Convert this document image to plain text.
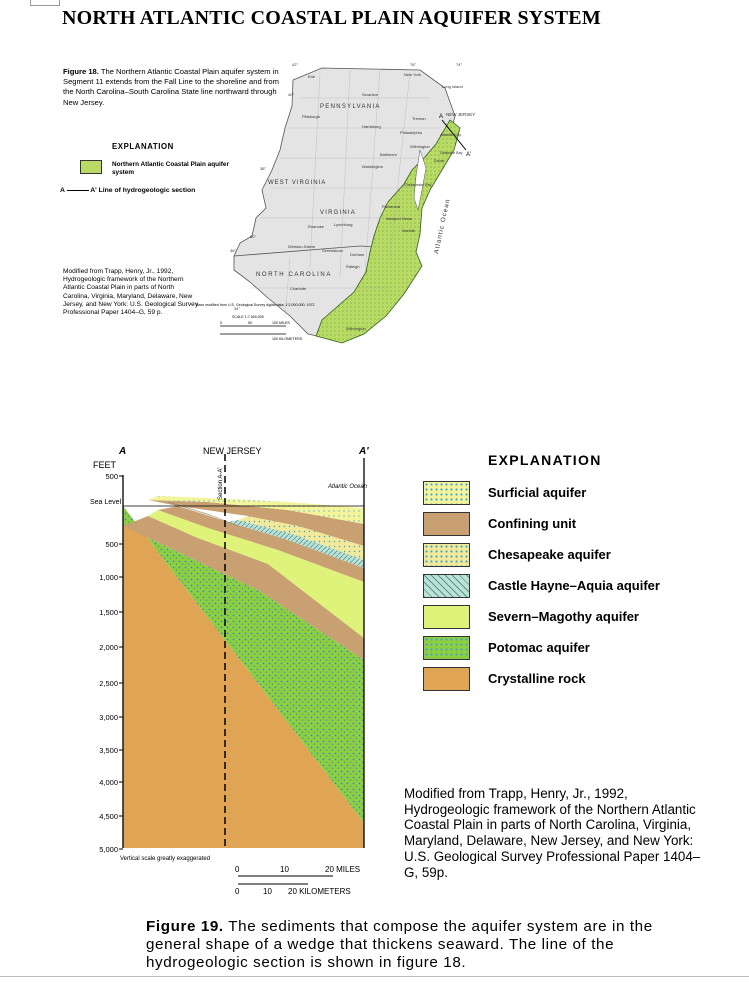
NORTH ATLANTIC COASTAL PLAIN AQUIFER SYSTEM
Figure 18. The Northern Atlantic Coastal Plain aquifer system in Segment 11 extends from the Fall Line to the shoreline and from the North Carolina–South Carolina State line northward through New Jersey.
EXPLANATION
Northern Atlantic Coastal Plain aquifer system
A	A' Line of hydrogeologic section
Modified from Trapp, Henry, Jr., 1992, Hydrogeologic framework of the Northern Atlantic Coastal Plain in parts of North Carolina, Virginia, Maryland, Delaware, New Jersey, and New York: U.S. Geological Survey Professional Paper 1404–G, 59 p.
A
A'
PENNSYLVANIA
WEST VIRGINIA
VIRGINIA
NORTH CAROLINA
NEW JERSEY
Erie	New York
Scranton
Pittsburgh
Harrisburg
Philadelphia
Trenton
Wilmington
Baltimore
Washington
Dover
Richmond
Norfolk
Roanoke Lynchburg
Greensboro
Winston-Salem
Durham
Raleigh
Charlotte
Newport News
Wilmington
Atlantic City
Long Island
Chesapeake Bay
Delaware Bay
42°
40°
38°
36°
34°
80°
76°	74°
Atlantic Ocean
Base modified from U.S. Geological Survey digital data, 1:2,000,000, 1972
SCALE 1:7,500,000
0	50	100 MILES
100 KILOMETERS
A	A'
NEW JERSEY
FEET
Section A-A'	Atlantic Ocean
Sea Level
500
500
1,000
1,500
2,000
2,500
3,000
3,500
4,000
4,500
5,000
Vertical scale greatly exaggerated
0	10	20 MILES
0	10 20 KILOMETERS
EXPLANATION
Surficial aquifer
Confining unit
Chesapeake aquifer
Castle Hayne–Aquia aquifer
Severn–Magothy aquifer
Potomac aquifer
Crystalline rock
Modified from Trapp, Henry, Jr., 1992, Hydrogeologic framework of the Northern Atlantic Coastal Plain in parts of North Carolina, Virginia, Maryland, Delaware, New Jersey, and New York: U.S. Geological Survey Professional Paper 1404–G, 59p.
Figure 19. The sediments that compose the aquifer system are in the general shape of a wedge that thickens seaward. The line of the hydrogeologic section is shown in figure 18.
